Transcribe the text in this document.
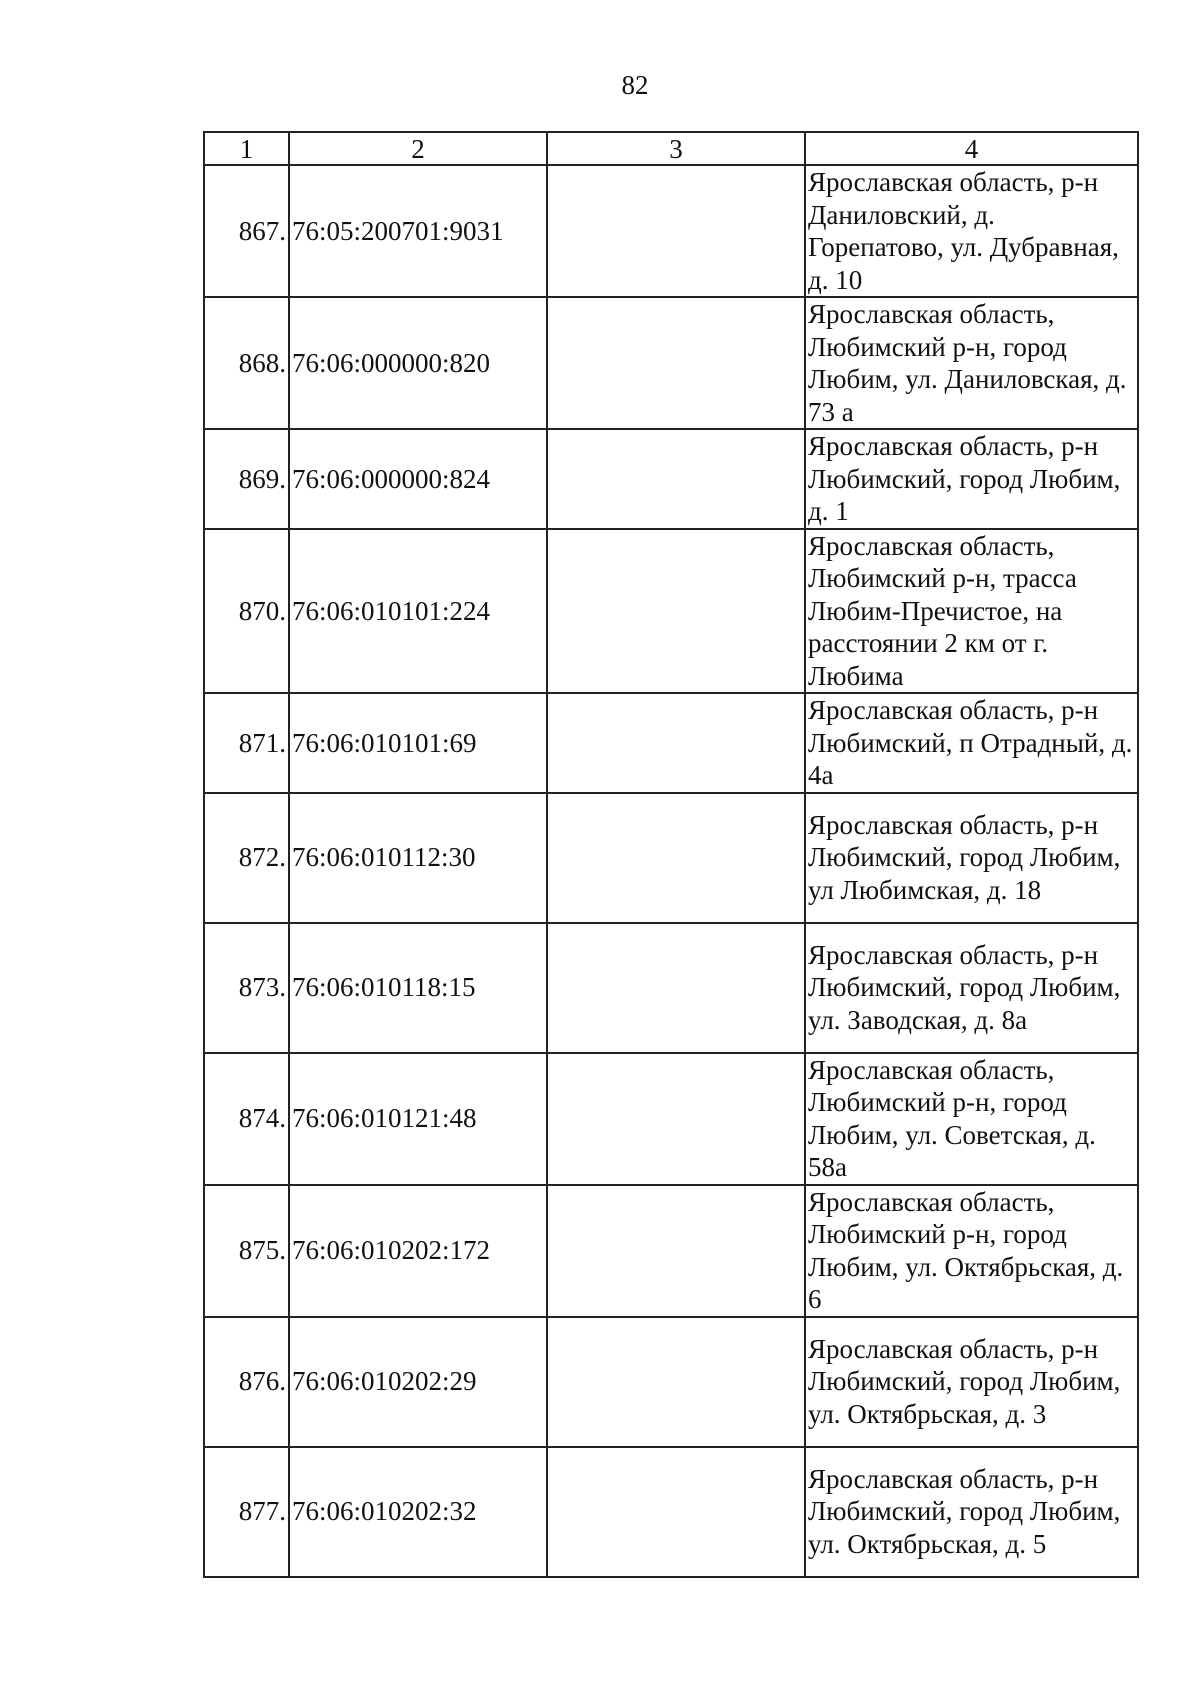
82
1	2	3	4
867.	76:05:200701:9031		Ярославская область, р-н Даниловский, д. Горепатово, ул. Дубравная, д. 10
868.	76:06:000000:820		Ярославская область, Любимский р-н, город Любим, ул. Даниловская, д. 73 а
869.	76:06:000000:824		Ярославская область, р-н Любимский, город Любим, д. 1
870.	76:06:010101:224		Ярославская область, Любимский р-н, трасса Любим-Пречистое, на расстоянии 2 км от г. Любима
871.	76:06:010101:69		Ярославская область, р-н Любимский, п Отрадный, д. 4а
872.	76:06:010112:30		Ярославская область, р-н Любимский, город Любим, ул Любимская, д. 18
873.	76:06:010118:15		Ярославская область, р-н Любимский, город Любим, ул. Заводская, д. 8а
874.	76:06:010121:48		Ярославская область, Любимский р-н, город Любим, ул. Советская, д. 58а
875.	76:06:010202:172		Ярославская область, Любимский р-н, город Любим, ул. Октябрьская, д. 6
876.	76:06:010202:29		Ярославская область, р-н Любимский, город Любим, ул. Октябрьская, д. 3
877.	76:06:010202:32		Ярославская область, р-н Любимский, город Любим, ул. Октябрьская, д. 5
